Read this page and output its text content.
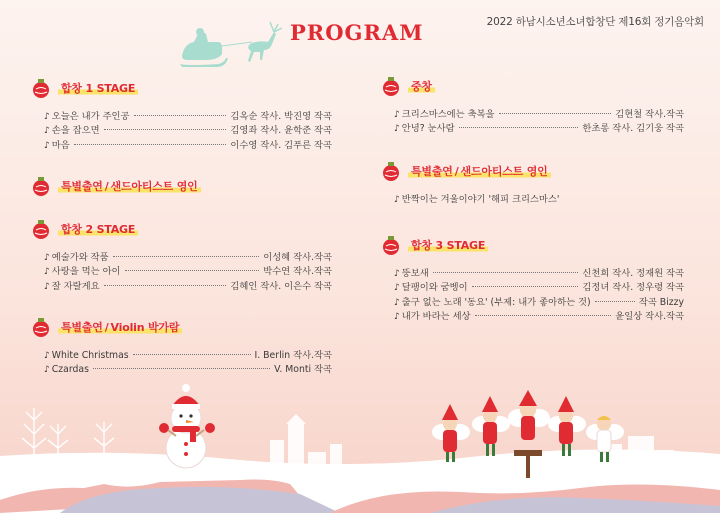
PROGRAM	2022 하남시소년소녀합창단 제16회 정기음악회
합창 1 STAGE
♪ 오늘은 내가 주인공	김옥순 작사. 박진영 작곡
♪ 손을 잡으면	김영좌 작사. 윤학준 작곡
♪ 마음	이수영 작사. 김푸른 작곡
특별출연 / 샌드아티스트 영인
합창 2 STAGE
♪ 예술가와 작품	이성혜 작사.작곡
♪ 사랑을 먹는 아이	박수연 작사.작곡
♪ 잘 자랄게요	김혜인 작사. 이은수 작곡
특별출연 / Violin 박가람
♪ White Christmas	I. Berlin 작사.작곡
♪ Czardas	V. Monti 작곡
중창
♪ 크리스마스에는 축복을	김현철 작사.작곡
♪ 안녕? 눈사람	한초롱 작사. 김기웅 작곡
특별출연 / 샌드아티스트 영인
♪ 반짝이는 겨울이야기 '해피 크리스마스'
합창 3 STAGE
♪ 뚱보새	신천희 작사. 정재원 작곡
♪ 달팽이와 굼벵이	김정녀 작사. 정우령 작곡
♪ 출구 없는 노래 '동요' (부제: 내가 좋아하는 것)	작곡 Bizzy
♪ 내가 바라는 세상	윤일상 작사.작곡
